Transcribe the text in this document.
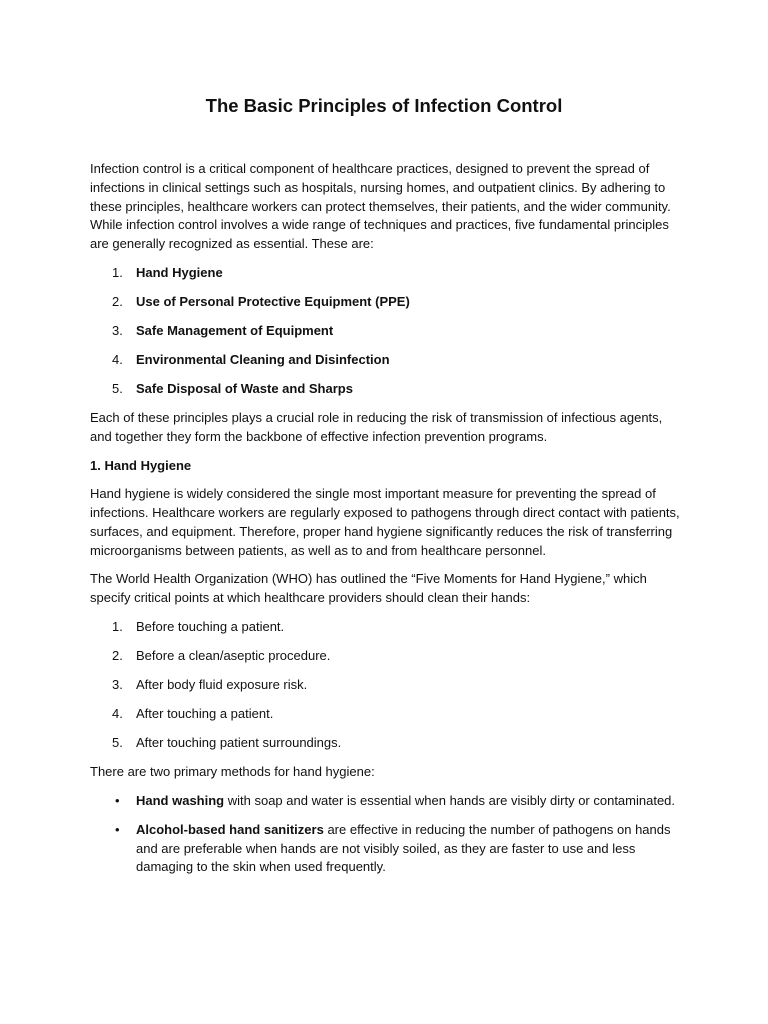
The Basic Principles of Infection Control

Infection control is a critical component of healthcare practices, designed to prevent the spread of infections in clinical settings such as hospitals, nursing homes, and outpatient clinics. By adhering to these principles, healthcare workers can protect themselves, their patients, and the wider community. While infection control involves a wide range of techniques and practices, five fundamental principles are generally recognized as essential. These are:

1. Hand Hygiene
2. Use of Personal Protective Equipment (PPE)
3. Safe Management of Equipment
4. Environmental Cleaning and Disinfection
5. Safe Disposal of Waste and Sharps

Each of these principles plays a crucial role in reducing the risk of transmission of infectious agents, and together they form the backbone of effective infection prevention programs.

1. Hand Hygiene

Hand hygiene is widely considered the single most important measure for preventing the spread of infections. Healthcare workers are regularly exposed to pathogens through direct contact with patients, surfaces, and equipment. Therefore, proper hand hygiene significantly reduces the risk of transferring microorganisms between patients, as well as to and from healthcare personnel.

The World Health Organization (WHO) has outlined the “Five Moments for Hand Hygiene,” which specify critical points at which healthcare providers should clean their hands:

1. Before touching a patient.
2. Before a clean/aseptic procedure.
3. After body fluid exposure risk.
4. After touching a patient.
5. After touching patient surroundings.

There are two primary methods for hand hygiene:

• Hand washing with soap and water is essential when hands are visibly dirty or contaminated.
• Alcohol-based hand sanitizers are effective in reducing the number of pathogens on hands and are preferable when hands are not visibly soiled, as they are faster to use and less damaging to the skin when used frequently.
